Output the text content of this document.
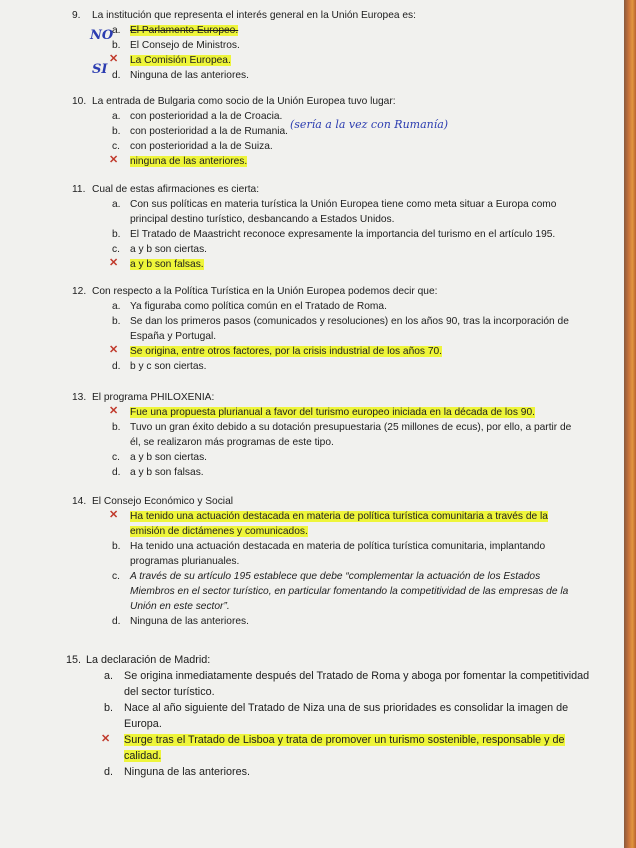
9. La institución que representa el interés general en la Unión Europea es:
a. El Parlamento Europeo.
b. El Consejo de Ministros.
✕ La Comisión Europea.
d. Ninguna de las anteriores.
NO
SI
10. La entrada de Bulgaria como socio de la Unión Europea tuvo lugar:
a. con posterioridad a la de Croacia.
b. con posterioridad a la de Rumania.
c. con posterioridad a la de Suiza.
✕ ninguna de las anteriores.
(sería a la vez con Rumanía)
11. Cual de estas afirmaciones es cierta:
a. Con sus políticas en materia turística la Unión Europea tiene como meta situar a Europa como principal destino turístico, desbancando a Estados Unidos.
b. El Tratado de Maastricht reconoce expresamente la importancia del turismo en el artículo 195.
c. a y b son ciertas.
✕ a y b son falsas.
12. Con respecto a la Política Turística en la Unión Europea podemos decir que:
a. Ya figuraba como política común en el Tratado de Roma.
b. Se dan los primeros pasos (comunicados y resoluciones) en los años 90, tras la incorporación de España y Portugal.
✕ Se origina, entre otros factores, por la crisis industrial de los años 70.
d. b y c son ciertas.
13. El programa PHILOXENIA:
✕ Fue una propuesta plurianual a favor del turismo europeo iniciada en la década de los 90.
b. Tuvo un gran éxito debido a su dotación presupuestaria (25 millones de ecus), por ello, a partir de él, se realizaron más programas de este tipo.
c. a y b son ciertas.
d. a y b son falsas.
14. El Consejo Económico y Social
✕ Ha tenido una actuación destacada en materia de política turística comunitaria a través de la emisión de dictámenes y comunicados.
b. Ha tenido una actuación destacada en materia de política turística comunitaria, implantando programas plurianuales.
c. A través de su artículo 195 establece que debe “complementar la actuación de los Estados Miembros en el sector turístico, en particular fomentando la competitividad de las empresas de la Unión en este sector”.
d. Ninguna de las anteriores.
15. La declaración de Madrid:
a. Se origina inmediatamente después del Tratado de Roma y aboga por fomentar la competitividad del sector turístico.
b. Nace al año siguiente del Tratado de Niza una de sus prioridades es consolidar la imagen de Europa.
✕ Surge tras el Tratado de Lisboa y trata de promover un turismo sostenible, responsable y de calidad.
d. Ninguna de las anteriores.
